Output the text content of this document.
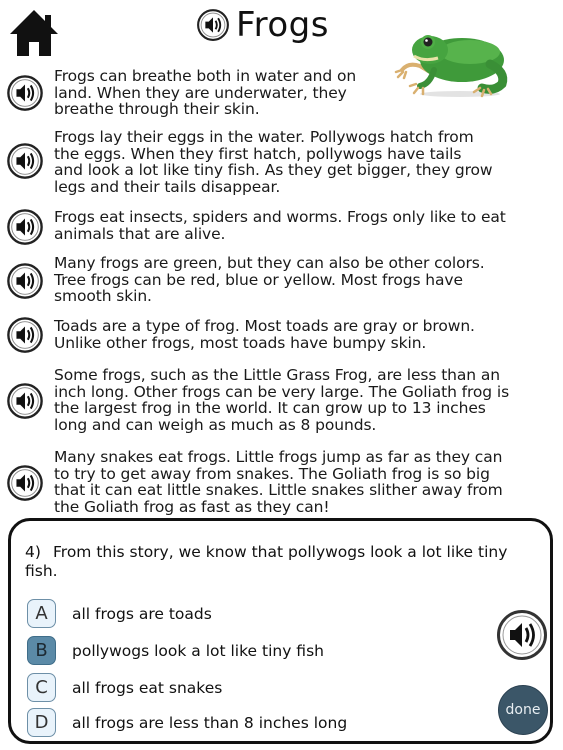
Frogs
Frogs can breathe both in water and on
land. When they are underwater, they
breathe through their skin.
Frogs lay their eggs in the water. Pollywogs hatch from
the eggs. When they first hatch, pollywogs have tails
and look a lot like tiny fish. As they get bigger, they grow
legs and their tails disappear.
Frogs eat insects, spiders and worms. Frogs only like to eat
animals that are alive.
Many frogs are green, but they can also be other colors.
Tree frogs can be red, blue or yellow. Most frogs have
smooth skin.
Toads are a type of frog. Most toads are gray or brown.
Unlike other frogs, most toads have bumpy skin.
Some frogs, such as the Little Grass Frog, are less than an
inch long. Other frogs can be very large. The Goliath frog is
the largest frog in the world. It can grow up to 13 inches
long and can weigh as much as 8 pounds.
Many snakes eat frogs. Little frogs jump as far as they can
to try to get away from snakes. The Goliath frog is so big
that it can eat little snakes. Little snakes slither away from
the Goliath frog as fast as they can!
4) From this story, we know that pollywogs look a lot like tiny fish.
A	all frogs are toads
B	pollywogs look a lot like tiny fish
C	all frogs eat snakes
D	all frogs are less than 8 inches long
done
